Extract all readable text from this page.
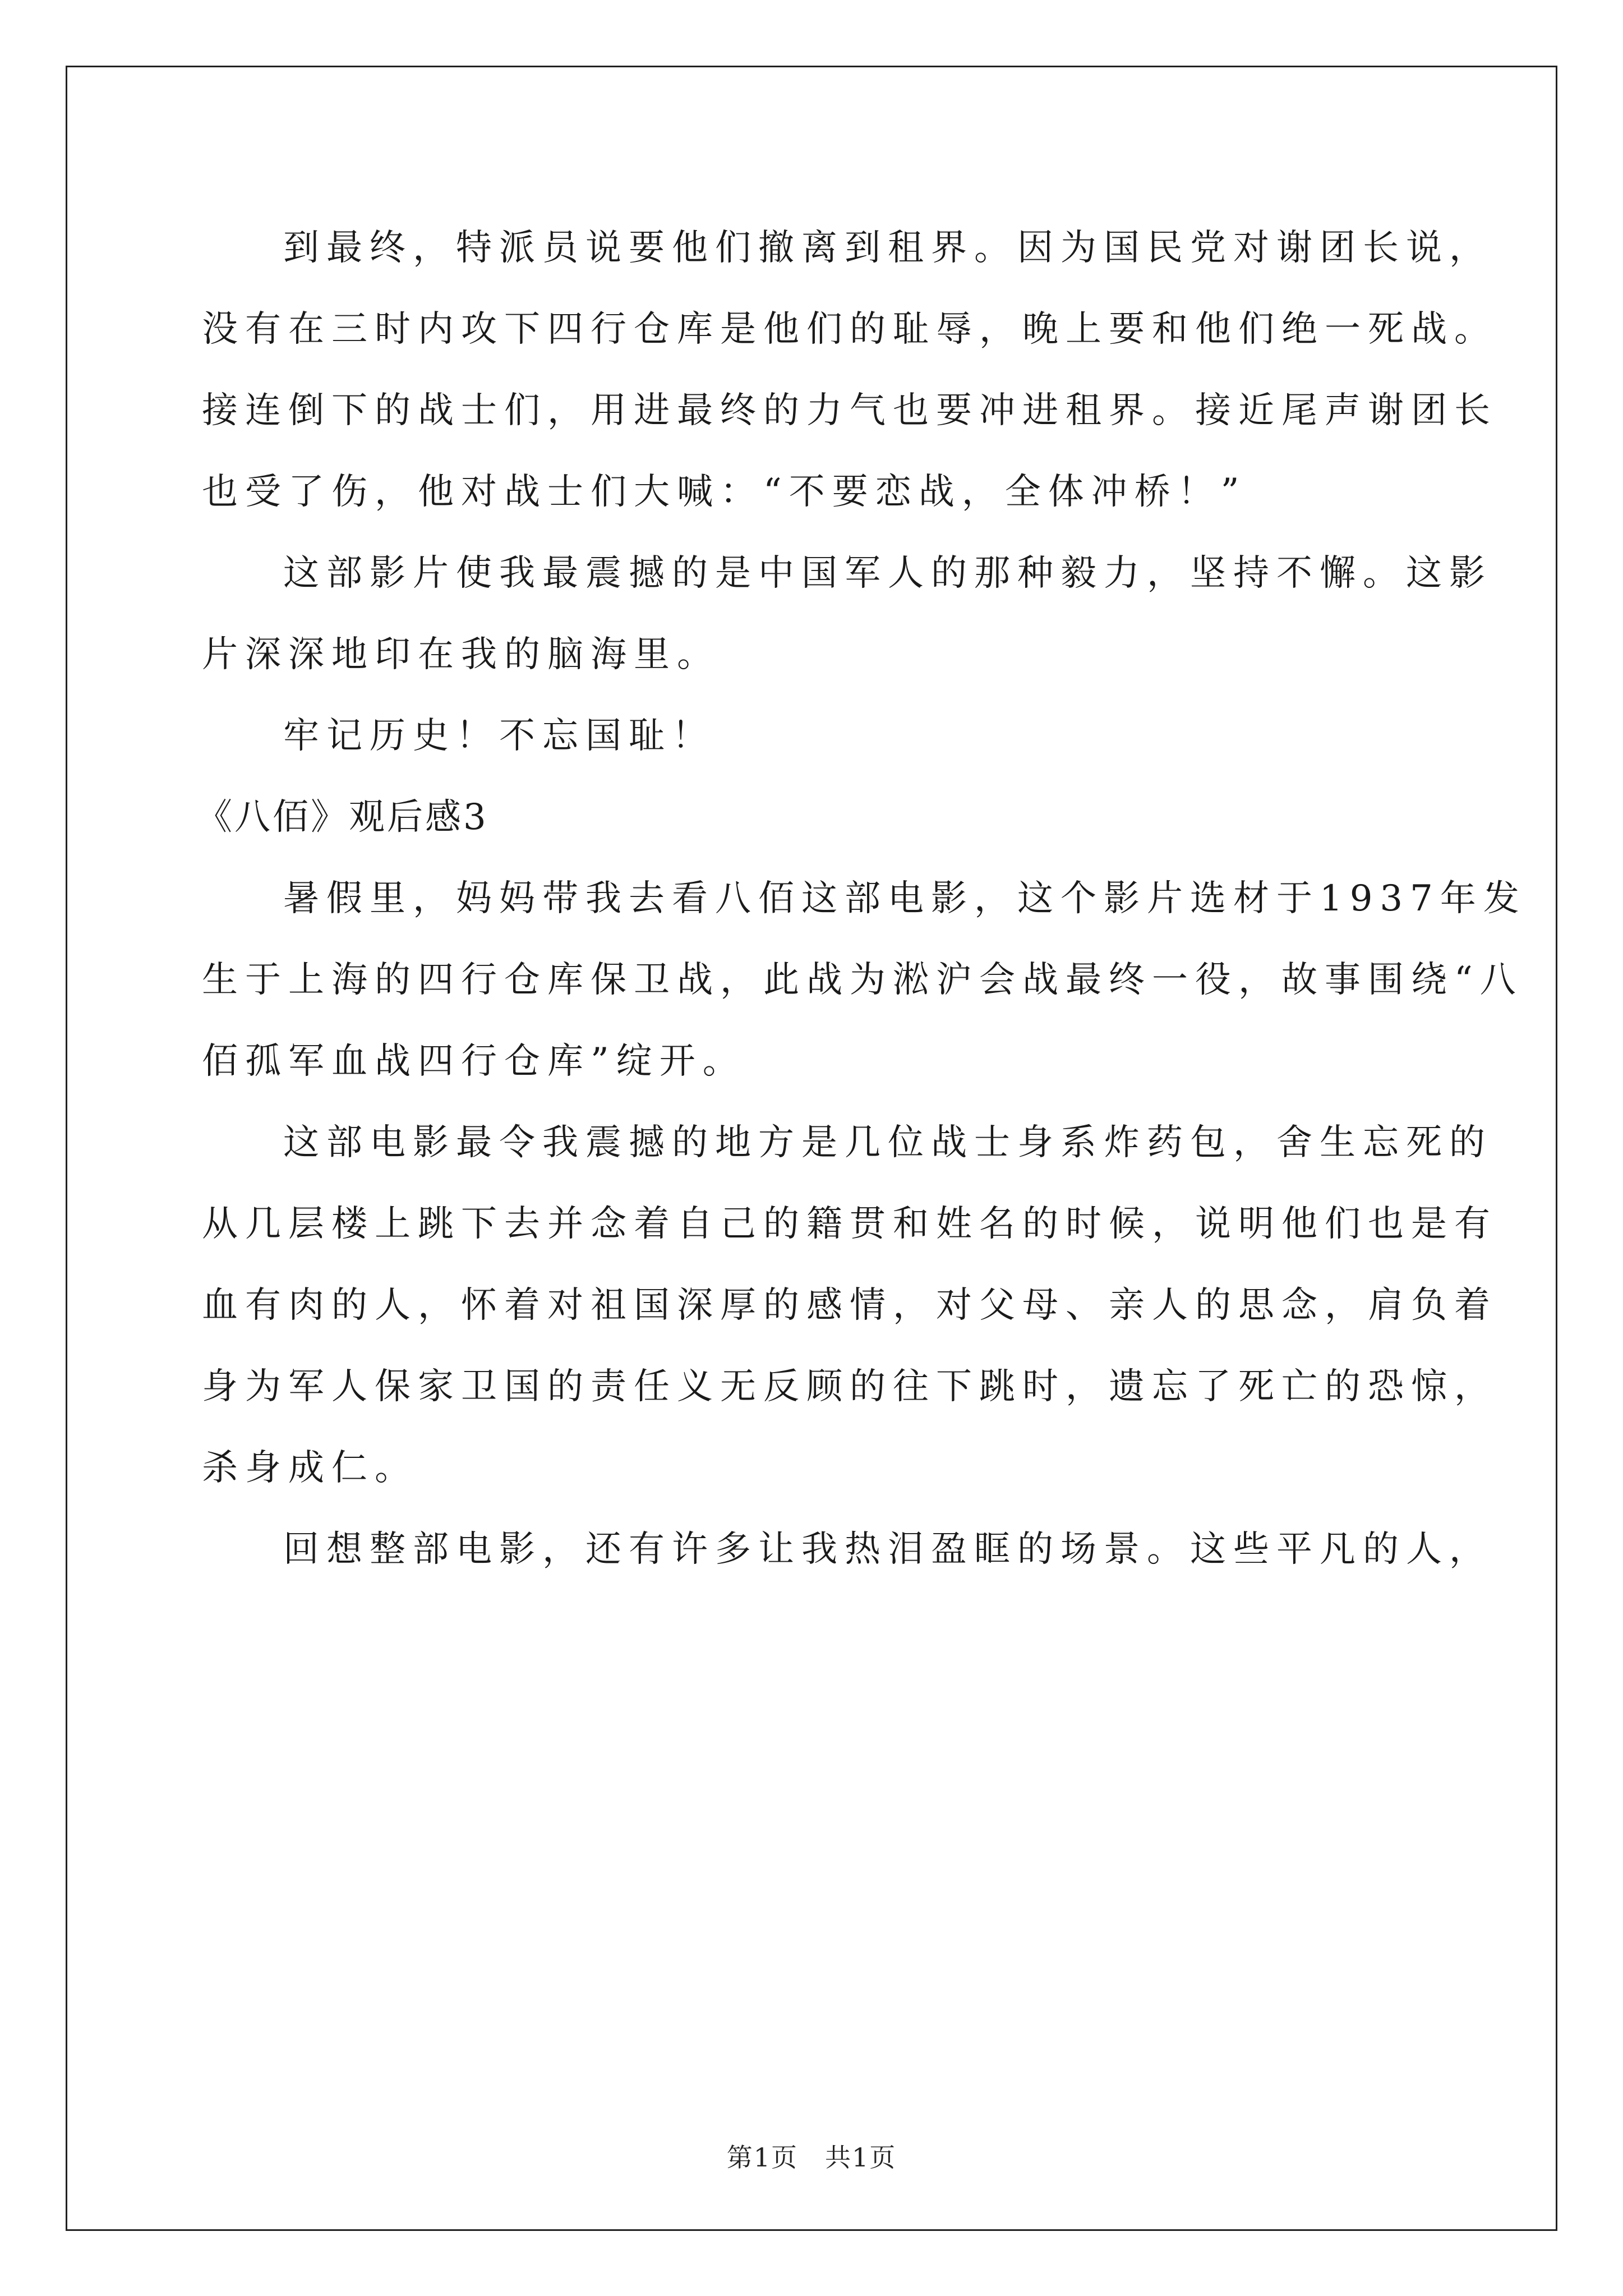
到最终，特派员说要他们撤离到租界。因为国民党对谢团长说，
没有在三时内攻下四行仓库是他们的耻辱，晚上要和他们绝一死战。
接连倒下的战士们，用进最终的力气也要冲进租界。接近尾声谢团长
也受了伤，他对战士们大喊：“不要恋战，全体冲桥！”
这部影片使我最震撼的是中国军人的那种毅力，坚持不懈。这影
片深深地印在我的脑海里。
牢记历史！不忘国耻！
《八佰》观后感3
暑假里，妈妈带我去看八佰这部电影，这个影片选材于1937年发
生于上海的四行仓库保卫战，此战为淞沪会战最终一役，故事围绕“八
佰孤军血战四行仓库”绽开。
这部电影最令我震撼的地方是几位战士身系炸药包，舍生忘死的
从几层楼上跳下去并念着自己的籍贯和姓名的时候，说明他们也是有
血有肉的人，怀着对祖国深厚的感情，对父母、亲人的思念，肩负着
身为军人保家卫国的责任义无反顾的往下跳时，遗忘了死亡的恐惊，
杀身成仁。
回想整部电影，还有许多让我热泪盈眶的场景。这些平凡的人，
第1页　共1页
